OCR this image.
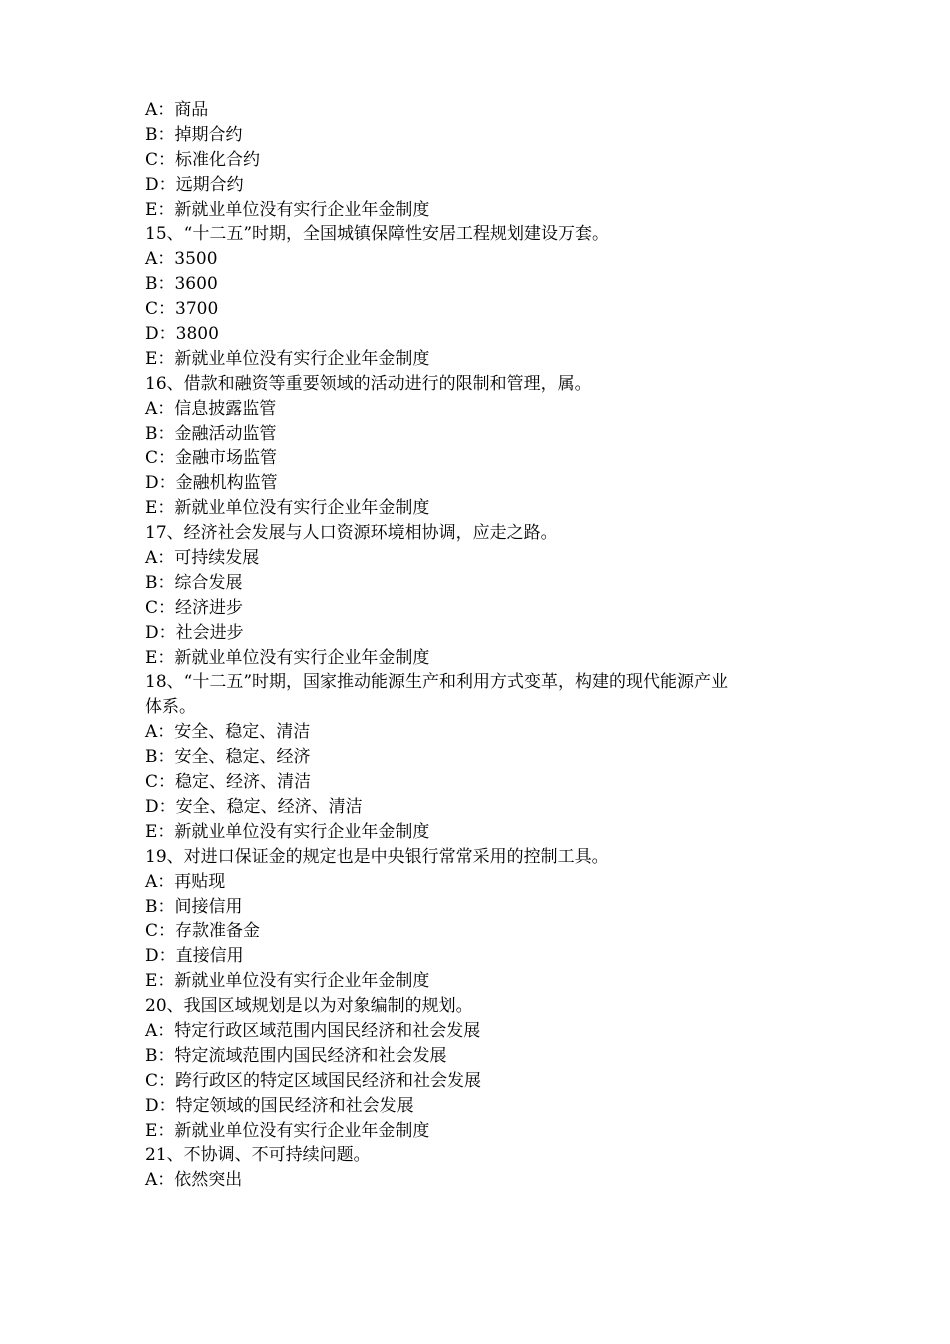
A：商品
B：掉期合约
C：标准化合约
D：远期合约
E：新就业单位没有实行企业年金制度
15、“十二五”时期，全国城镇保障性安居工程规划建设万套。
A：3500
B：3600
C：3700
D：3800
E：新就业单位没有实行企业年金制度
16、借款和融资等重要领域的活动进行的限制和管理，属。
A：信息披露监管
B：金融活动监管
C：金融市场监管
D：金融机构监管
E：新就业单位没有实行企业年金制度
17、经济社会发展与人口资源环境相协调，应走之路。
A：可持续发展
B：综合发展
C：经济进步
D：社会进步
E：新就业单位没有实行企业年金制度
18、“十二五”时期，国家推动能源生产和利用方式变革，构建的现代能源产业
体系。
A：安全、稳定、清洁
B：安全、稳定、经济
C：稳定、经济、清洁
D：安全、稳定、经济、清洁
E：新就业单位没有实行企业年金制度
19、对进口保证金的规定也是中央银行常常采用的控制工具。
A：再贴现
B：间接信用
C：存款准备金
D：直接信用
E：新就业单位没有实行企业年金制度
20、我国区域规划是以为对象编制的规划。
A：特定行政区域范围内国民经济和社会发展
B：特定流域范围内国民经济和社会发展
C：跨行政区的特定区域国民经济和社会发展
D：特定领域的国民经济和社会发展
E：新就业单位没有实行企业年金制度
21、不协调、不可持续问题。
A：依然突出
